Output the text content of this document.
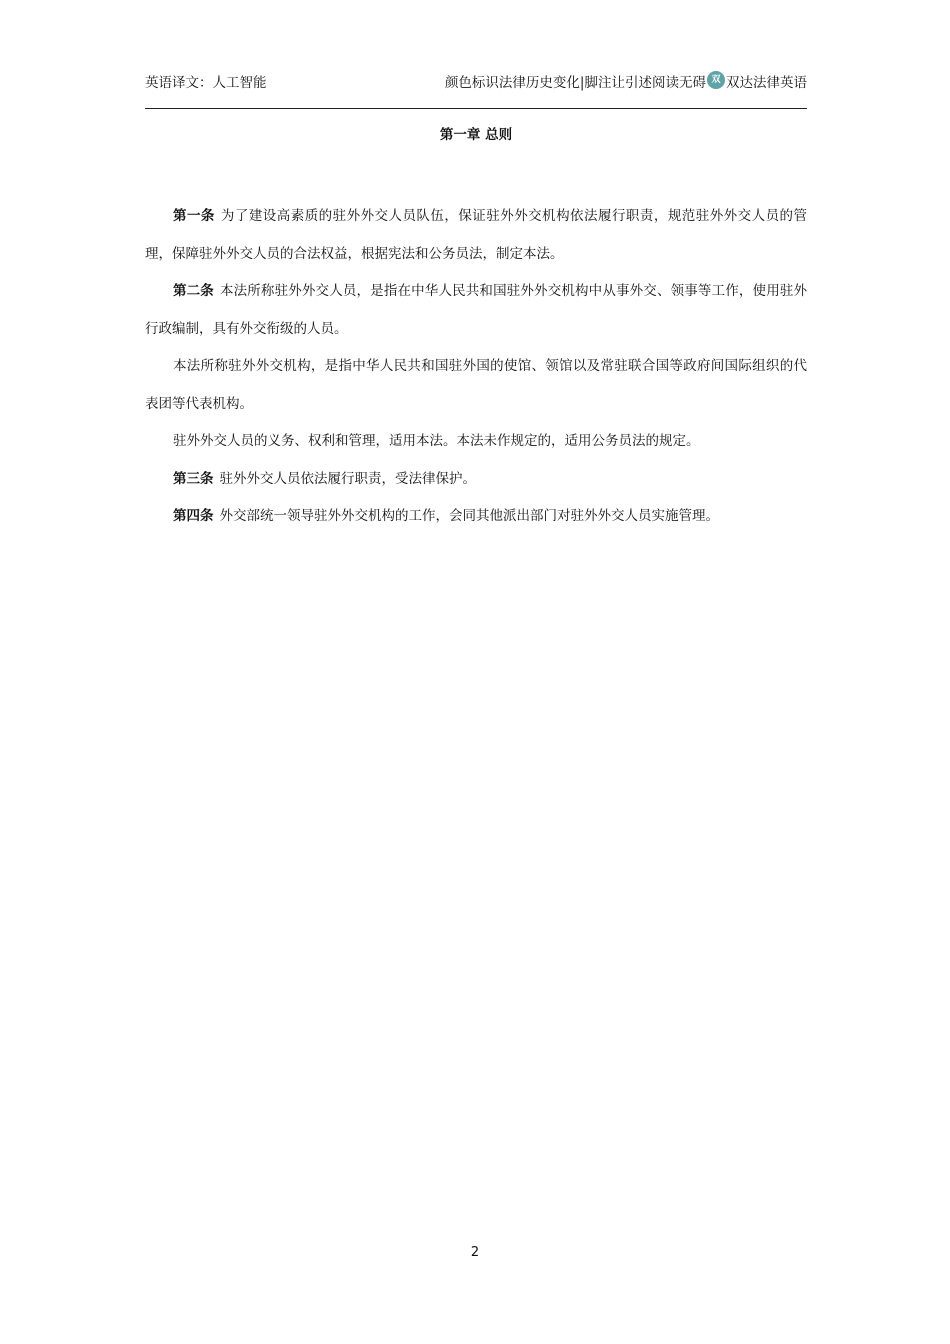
英语译文：人工智能	颜色标识法律历史变化|脚注让引述阅读无碍 双 双达法律英语
第一章 总则

第一条 为了建设高素质的驻外外交人员队伍，保证驻外外交机构依法履行职责，规范驻外外交人员的管理，保障驻外外交人员的合法权益，根据宪法和公务员法，制定本法。

第二条 本法所称驻外外交人员，是指在中华人民共和国驻外外交机构中从事外交、领事等工作，使用驻外行政编制，具有外交衔级的人员。

本法所称驻外外交机构，是指中华人民共和国驻外国的使馆、领馆以及常驻联合国等政府间国际组织的代表团等代表机构。

驻外外交人员的义务、权利和管理，适用本法。本法未作规定的，适用公务员法的规定。

第三条 驻外外交人员依法履行职责，受法律保护。

第四条 外交部统一领导驻外外交机构的工作，会同其他派出部门对驻外外交人员实施管理。

2
